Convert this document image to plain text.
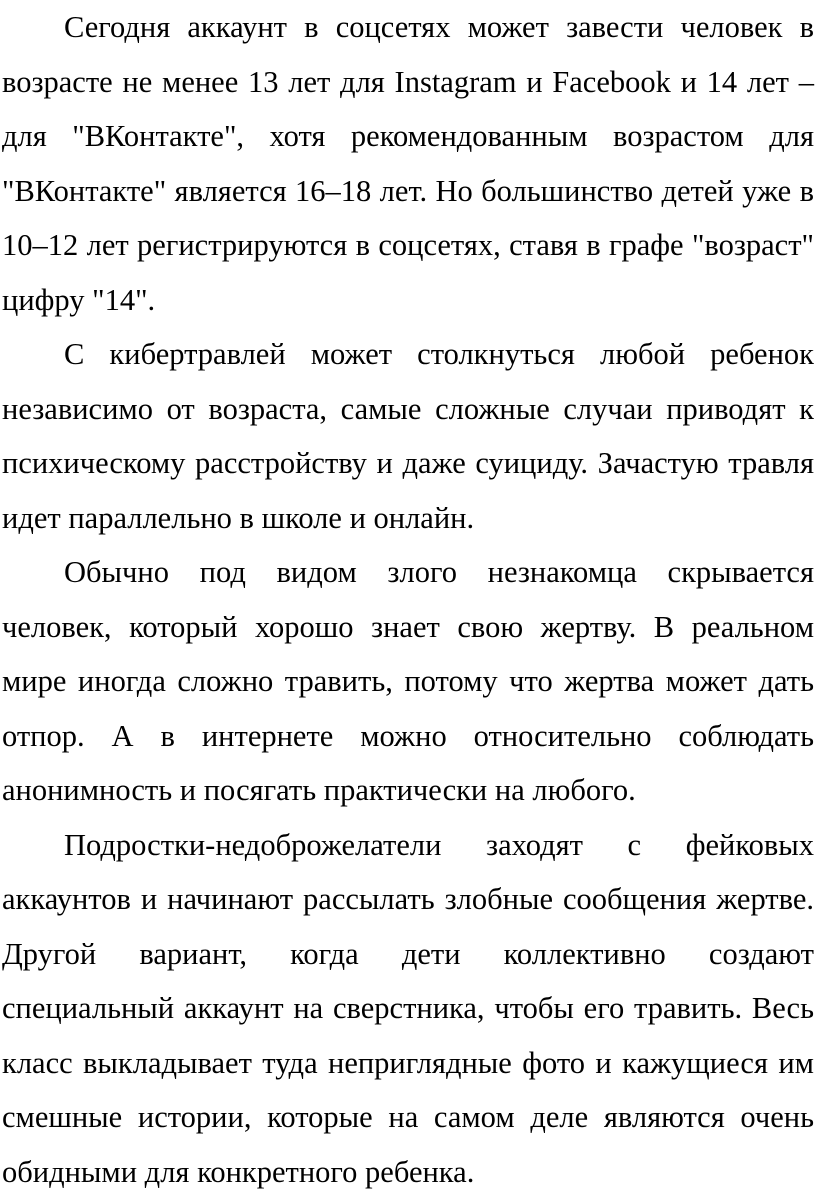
Сегодня аккаунт в соцсетях может завести человек в возрасте не менее 13 лет для Instagram и Facebook и 14 лет – для "ВКонтакте", хотя рекомендованным возрастом для "ВКонтакте" является 16–18 лет. Но большинство детей уже в 10–12 лет регистрируются в соцсетях, ставя в графе "возраст" цифру "14".

С кибертравлей может столкнуться любой ребенок независимо от возраста, самые сложные случаи приводят к психическому расстройству и даже суициду. Зачастую травля идет параллельно в школе и онлайн.

Обычно под видом злого незнакомца скрывается человек, который хорошо знает свою жертву. В реальном мире иногда сложно травить, потому что жертва может дать отпор. А в интернете можно относительно соблюдать анонимность и посягать практически на любого.

Подростки-недоброжелатели заходят с фейковых аккаунтов и начинают рассылать злобные сообщения жертве. Другой вариант, когда дети коллективно создают специальный аккаунт на сверстника, чтобы его травить. Весь класс выкладывает туда неприглядные фото и кажущиеся им смешные истории, которые на самом деле являются очень обидными для конкретного ребенка.
